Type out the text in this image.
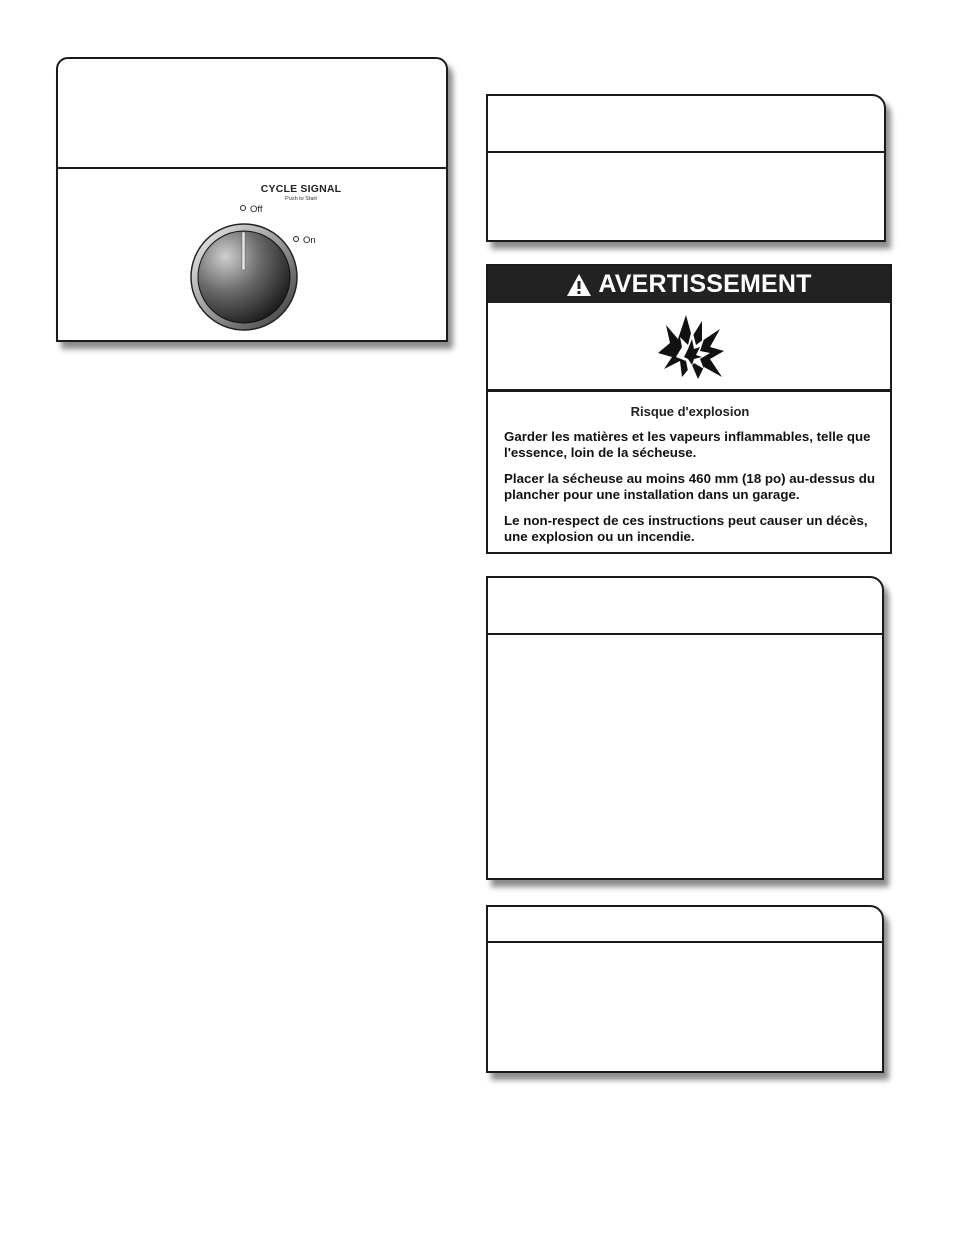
CYCLE SIGNAL
Push to Start
Off
On
AVERTISSEMENT
Risque d'explosion

Garder les matières et les vapeurs inflammables, telle que l'essence, loin de la sécheuse.

Placer la sécheuse au moins 460 mm (18 po) au-dessus du plancher pour une installation dans un garage.

Le non-respect de ces instructions peut causer un décès, une explosion ou un incendie.
